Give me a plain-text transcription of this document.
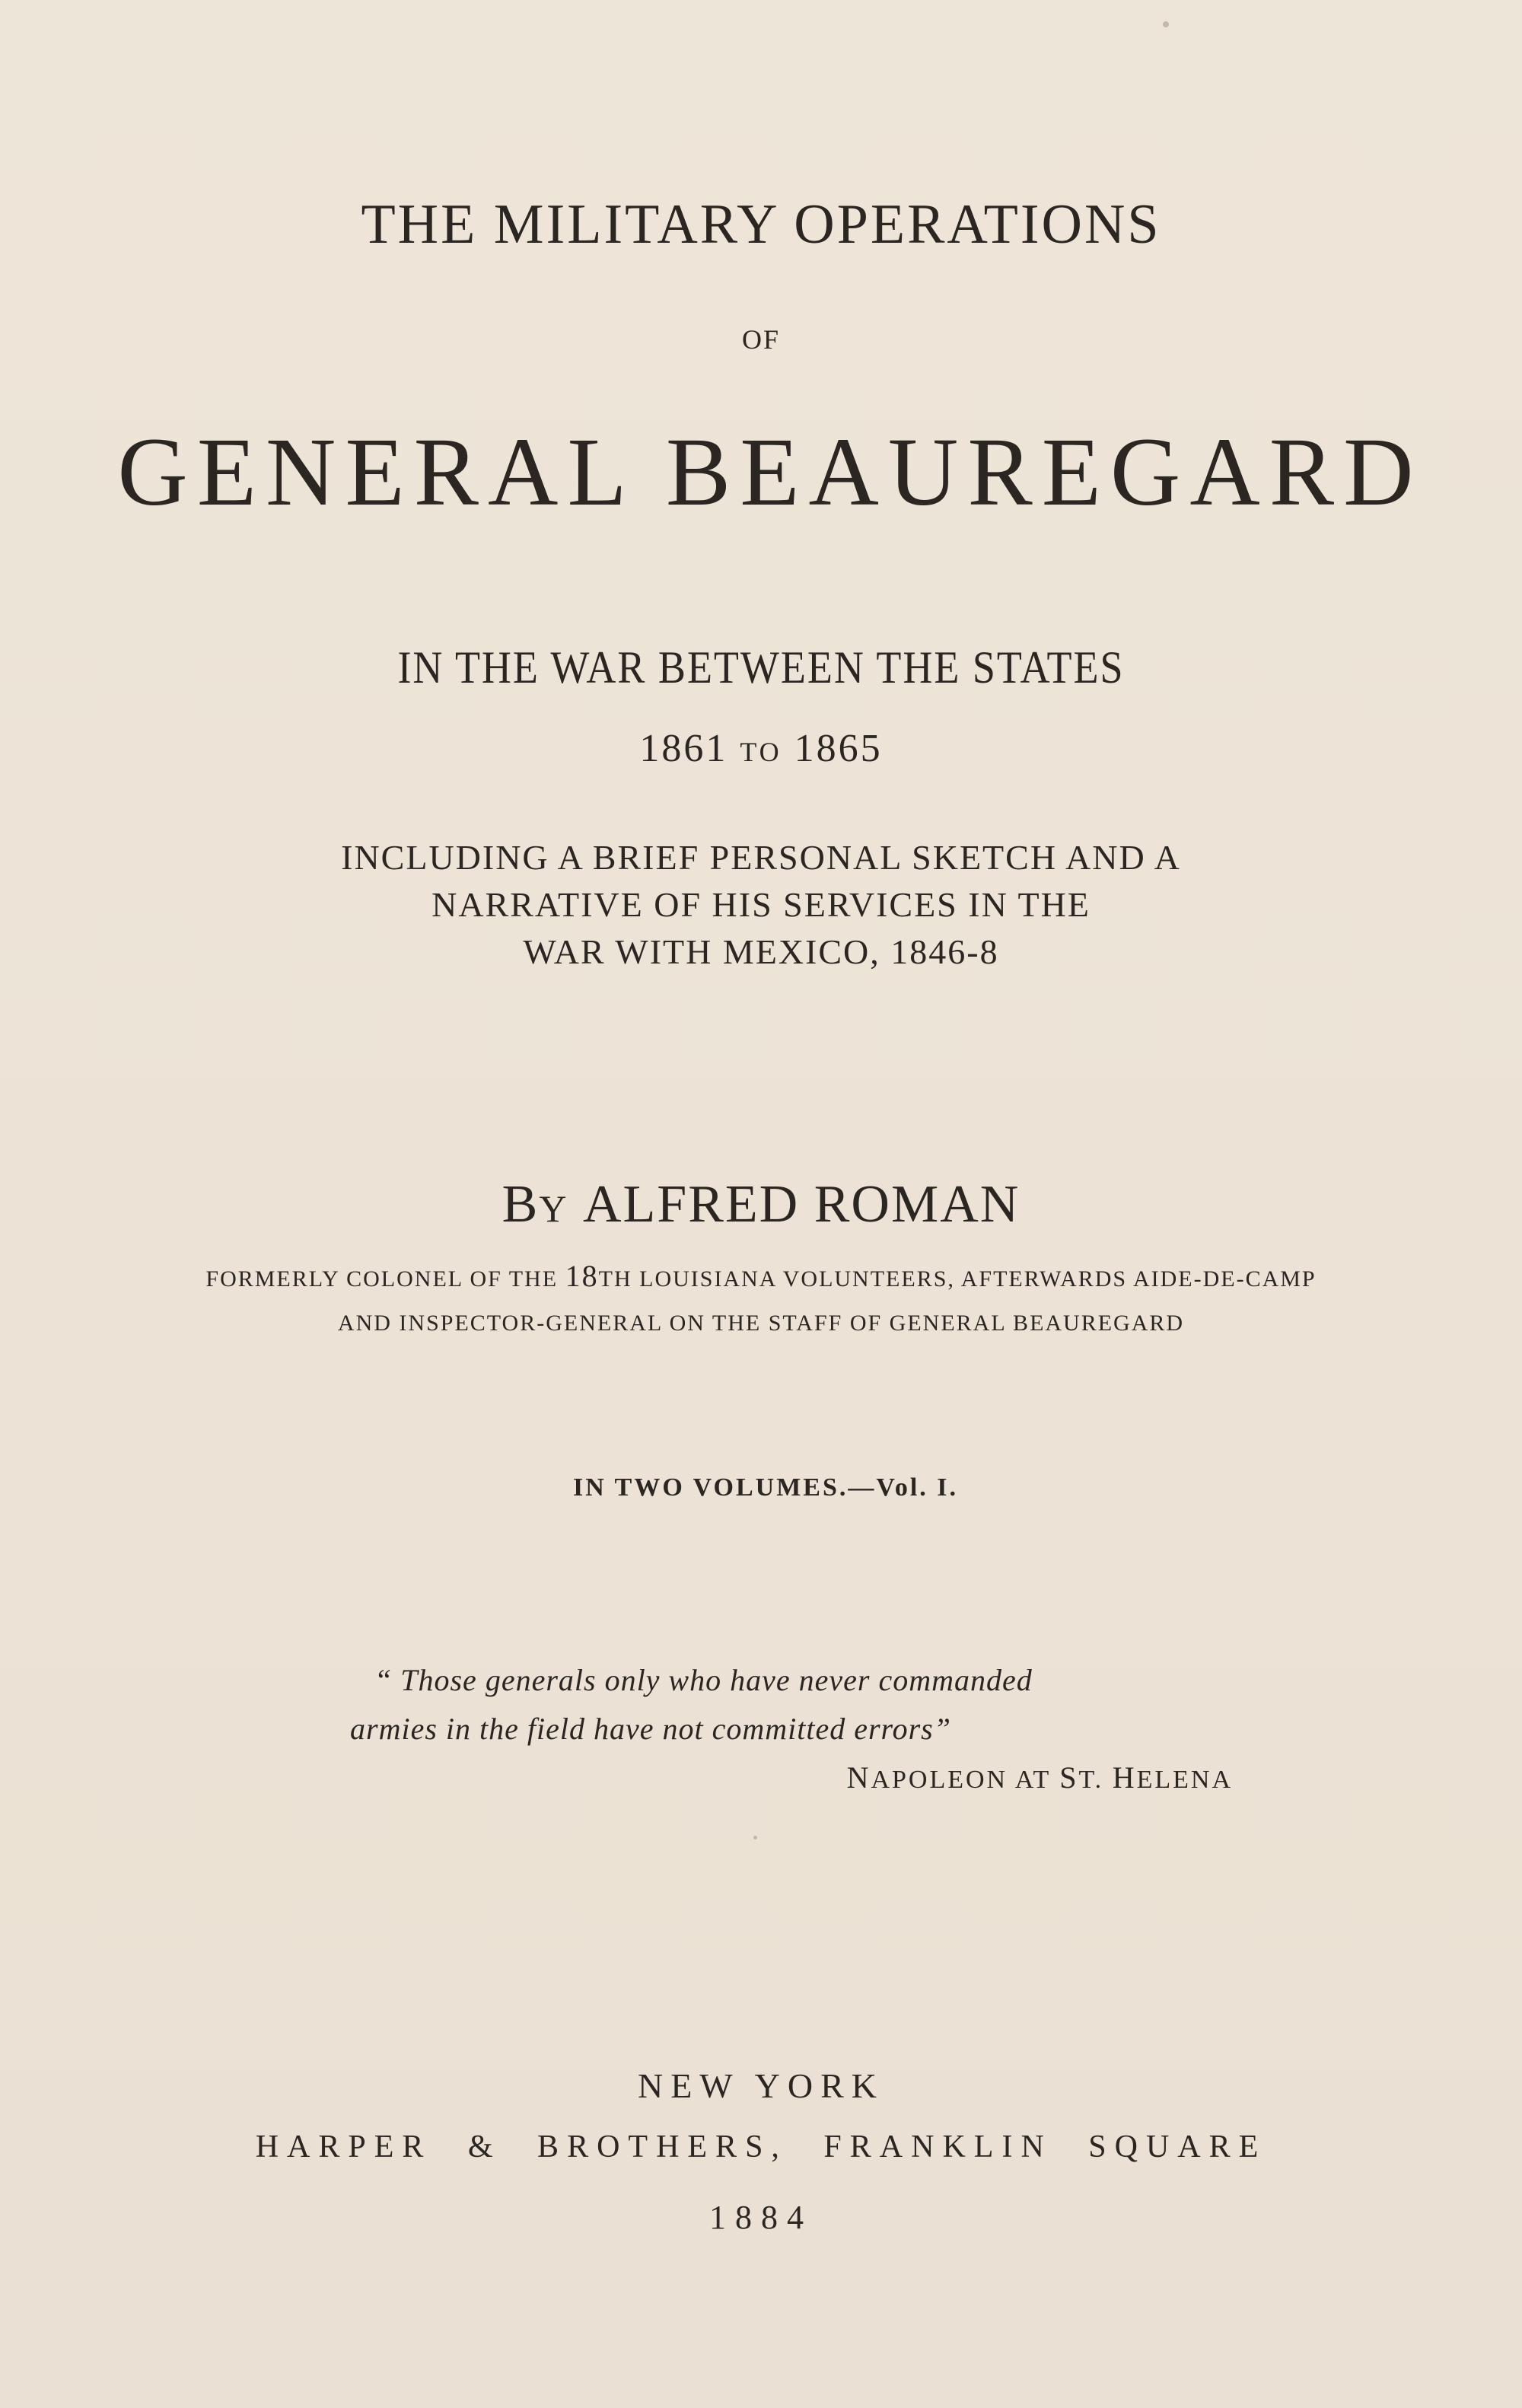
THE MILITARY OPERATIONS
OF
GENERAL BEAUREGARD
IN THE WAR BETWEEN THE STATES
1861 TO 1865
INCLUDING A BRIEF PERSONAL SKETCH AND A
NARRATIVE OF HIS SERVICES IN THE
WAR WITH MEXICO, 1846-8
BY ALFRED ROMAN
FORMERLY COLONEL OF THE 18TH LOUISIANA VOLUNTEERS, AFTERWARDS AIDE-DE-CAMP
AND INSPECTOR-GENERAL ON THE STAFF OF GENERAL BEAUREGARD
IN TWO VOLUMES.—Vol. I.
“ Those generals only who have never commanded
armies in the field have not committed errors”
NAPOLEON AT ST. HELENA
NEW YORK
HARPER & BROTHERS, FRANKLIN SQUARE
1884
